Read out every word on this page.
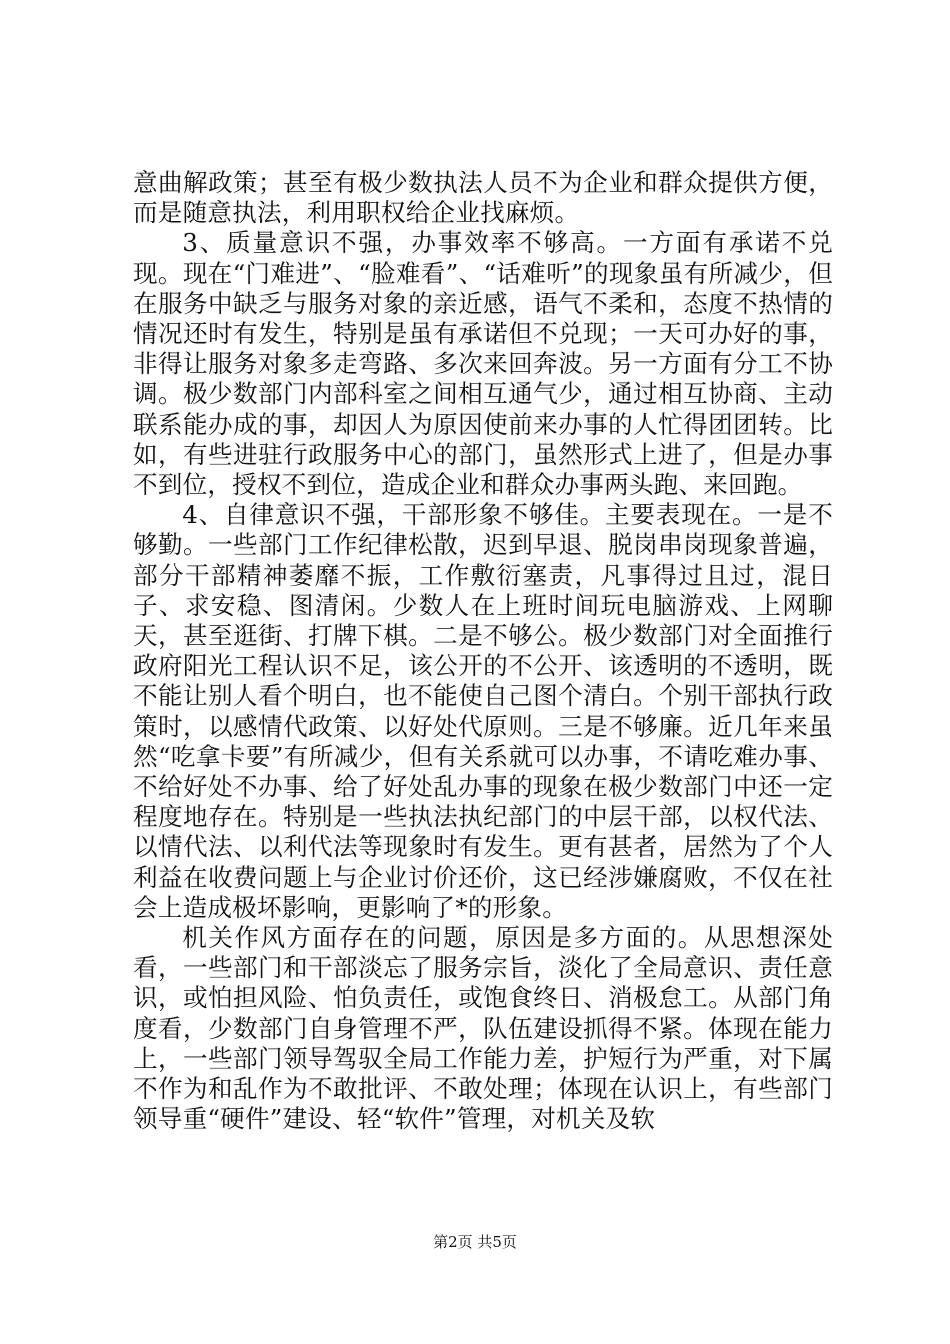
意曲解政策；甚至有极少数执法人员不为企业和群众提供方便，而是随意执法，利用职权给企业找麻烦。

3、质量意识不强，办事效率不够高。一方面有承诺不兑现。现在“门难进”、“脸难看”、“话难听”的现象虽有所减少，但在服务中缺乏与服务对象的亲近感，语气不柔和，态度不热情的情况还时有发生，特别是虽有承诺但不兑现；一天可办好的事，非得让服务对象多走弯路、多次来回奔波。另一方面有分工不协调。极少数部门内部科室之间相互通气少，通过相互协商、主动联系能办成的事，却因人为原因使前来办事的人忙得团团转。比如，有些进驻行政服务中心的部门，虽然形式上进了，但是办事不到位，授权不到位，造成企业和群众办事两头跑、来回跑。

4、自律意识不强，干部形象不够佳。主要表现在。一是不够勤。一些部门工作纪律松散，迟到早退、脱岗串岗现象普遍，部分干部精神萎靡不振，工作敷衍塞责，凡事得过且过，混日子、求安稳、图清闲。少数人在上班时间玩电脑游戏、上网聊天，甚至逛街、打牌下棋。二是不够公。极少数部门对全面推行政府阳光工程认识不足，该公开的不公开、该透明的不透明，既不能让别人看个明白，也不能使自己图个清白。个别干部执行政策时，以感情代政策、以好处代原则。三是不够廉。近几年来虽然“吃拿卡要”有所减少，但有关系就可以办事，不请吃难办事、不给好处不办事、给了好处乱办事的现象在极少数部门中还一定程度地存在。特别是一些执法执纪部门的中层干部，以权代法、以情代法、以利代法等现象时有发生。更有甚者，居然为了个人利益在收费问题上与企业讨价还价，这已经涉嫌腐败，不仅在社会上造成极坏影响，更影响了*的形象。

机关作风方面存在的问题，原因是多方面的。从思想深处看，一些部门和干部淡忘了服务宗旨，淡化了全局意识、责任意识，或怕担风险、怕负责任，或饱食终日、消极怠工。从部门角度看，少数部门自身管理不严，队伍建设抓得不紧。体现在能力上，一些部门领导驾驭全局工作能力差，护短行为严重，对下属不作为和乱作为不敢批评、不敢处理；体现在认识上，有些部门领导重“硬件”建设、轻“软件”管理，对机关及软

第2页 共5页
